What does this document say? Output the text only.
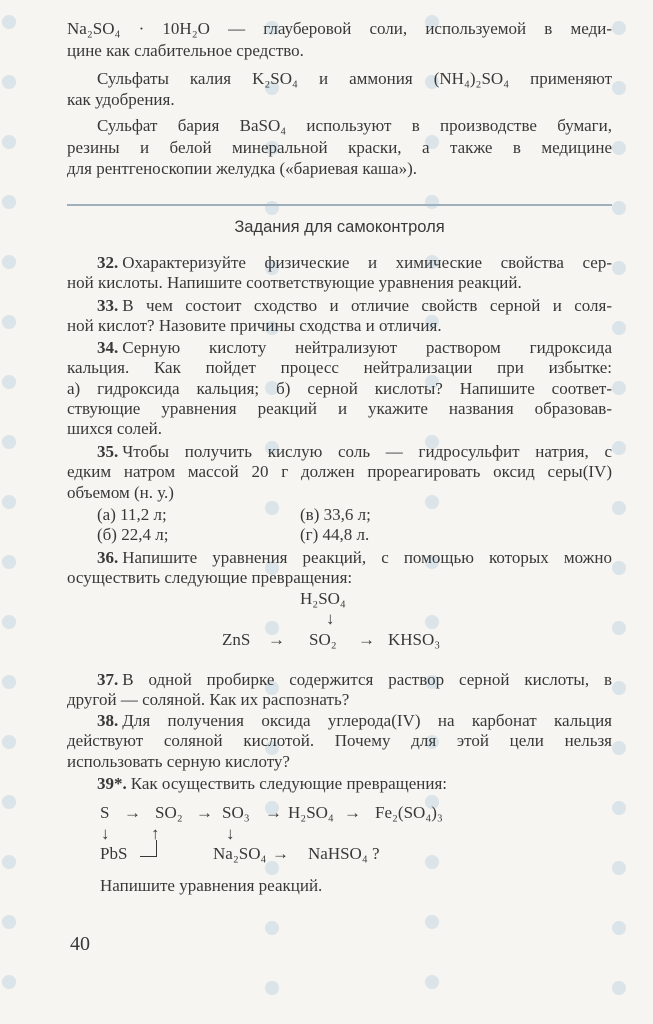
Na₂SO₄ · 10H₂O — глауберовой соли, используемой в меди-
цине как слабительное средство.
Сульфаты калия K₂SO₄ и аммония (NH₄)₂SO₄ применяют
как удобрения.
Сульфат бария BaSO₄ используют в производстве бумаги,
резины и белой минеральной краски, а также в медицине
для рентгеноскопии желудка («бариевая каша»).
Задания для самоконтроля
32. Охарактеризуйте физические и химические свойства сер-
ной кислоты. Напишите соответствующие уравнения реакций.
33. В чем состоит сходство и отличие свойств серной и соля-
ной кислот? Назовите причины сходства и отличия.
34. Серную кислоту нейтрализуют раствором гидроксида
кальция. Как пойдет процесс нейтрализации при избытке:
а) гидроксида кальция; б) серной кислоты? Напишите соответ-
ствующие уравнения реакций и укажите названия образовав-
шихся солей.
35. Чтобы получить кислую соль — гидросульфит натрия, с
едким натром массой 20 г должен прореагировать оксид серы(IV)
объемом (н. у.)
(а) 11,2 л;	(в) 33,6 л;
(б) 22,4 л;	(г) 44,8 л.
36. Напишите уравнения реакций, с помощью которых можно
осуществить следующие превращения:
H₂SO₄
↓
ZnS → SO₂ → KHSO₃
37. В одной пробирке содержится раствор серной кислоты, в
другой — соляной. Как их распознать?
38. Для получения оксида углерода(IV) на карбонат кальция
действуют соляной кислотой. Почему для этой цели нельзя
использовать серную кислоту?
39*. Как осуществить следующие превращения:
S → SO₂ → SO₃ → H₂SO₄ → Fe₂(SO₄)₃
↓ ↑	↓
PbS	Na₂SO₄ → NaHSO₄ ?
Напишите уравнения реакций.
40
